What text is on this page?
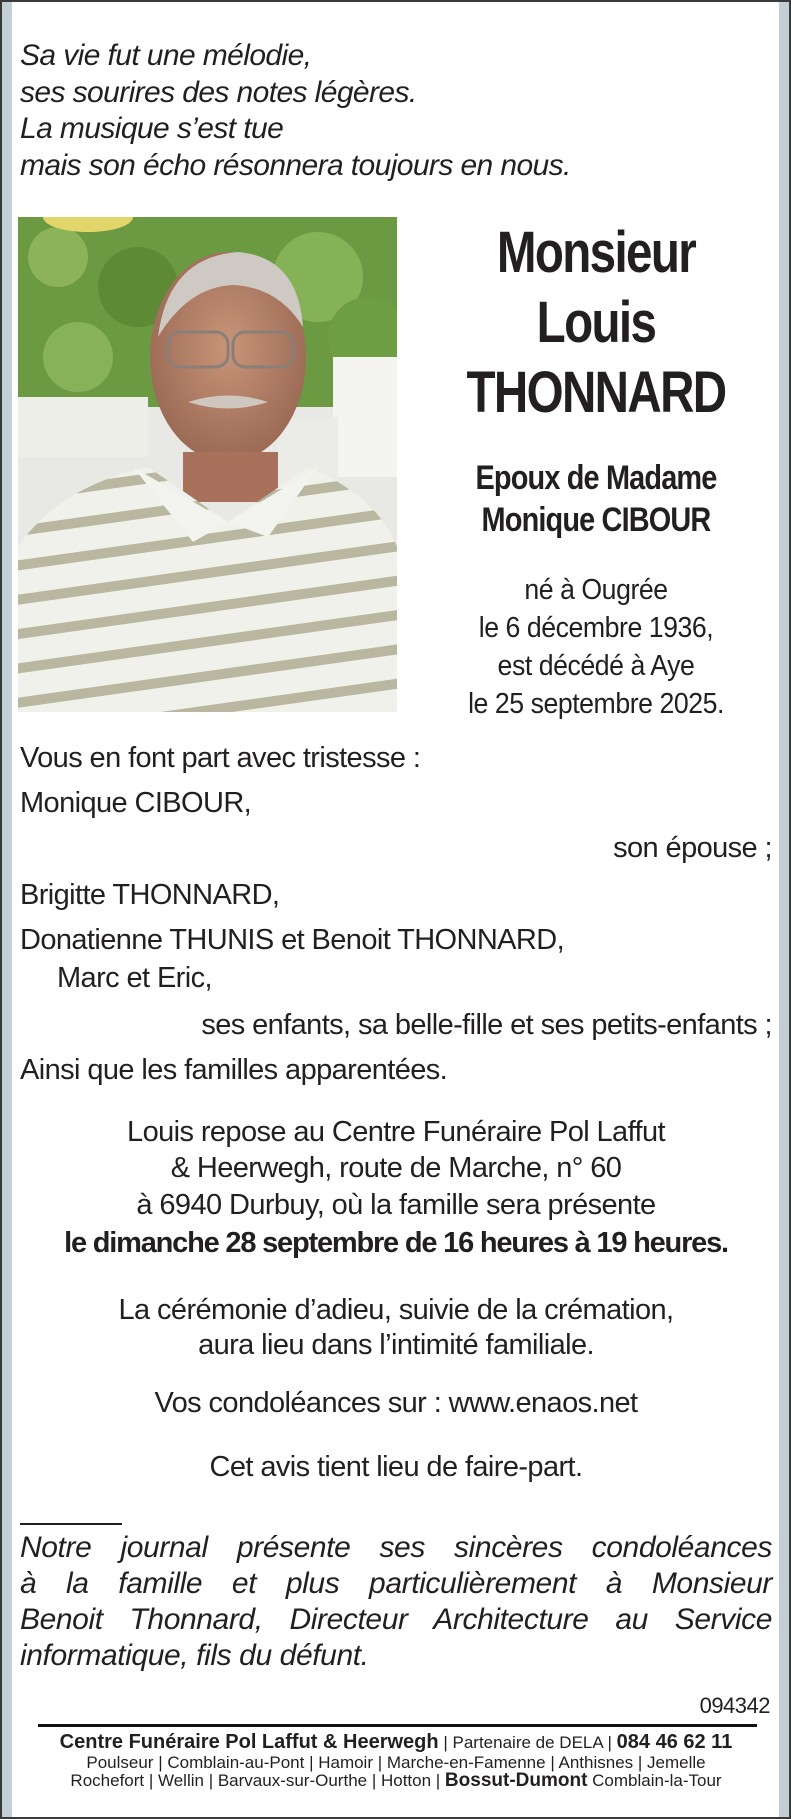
Sa vie fut une mélodie,
ses sourires des notes légères.
La musique s’est tue
mais son écho résonnera toujours en nous.
Monsieur
Louis
THONNARD
Epoux de Madame
Monique CIBOUR
né à Ougrée
le 6 décembre 1936,
est décédé à Aye
le 25 septembre 2025.
Vous en font part avec tristesse :
Monique CIBOUR,
son épouse ;
Brigitte THONNARD,
Donatienne THUNIS et Benoit THONNARD,
Marc et Eric,
ses enfants, sa belle-fille et ses petits-enfants ;
Ainsi que les familles apparentées.
Louis repose au Centre Funéraire Pol Laffut
& Heerwegh, route de Marche, n° 60
à 6940 Durbuy, où la famille sera présente
le dimanche 28 septembre de 16 heures à 19 heures.
La cérémonie d’adieu, suivie de la crémation,
aura lieu dans l’intimité familiale.
Vos condoléances sur : www.enaos.net
Cet avis tient lieu de faire-part.
Notre journal présente ses sincères condoléances
à la famille et plus particulièrement à Monsieur
Benoit Thonnard, Directeur Architecture au Service
informatique, fils du défunt.
094342
Centre Funéraire Pol Laffut & Heerwegh | Partenaire de DELA | 084 46 62 11
Poulseur | Comblain-au-Pont | Hamoir | Marche-en-Famenne | Anthisnes | Jemelle
Rochefort | Wellin | Barvaux-sur-Ourthe | Hotton | Bossut-Dumont Comblain-la-Tour
